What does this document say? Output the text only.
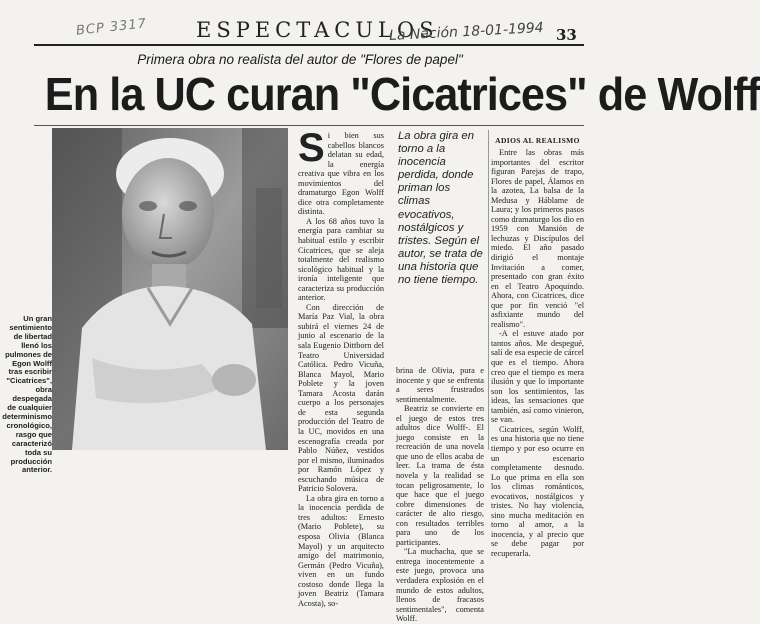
BCP 3317 ESPECTACULOS
La Nación 18-01-1994 33
Primera obra no realista del autor de "Flores de papel"
En la UC curan "Cicatrices" de Wolff
Un gran sentimiento de libertad llenó los pulmones de Egon Wolff tras escribir "Cicatrices", obra despegada de cualquier determinismo cronológico, rasgo que caracterizó toda su producción anterior.
S i bien sus cabellos blancos delatan su edad, la energía creativa que vibra en los movimientos del dramaturgo Egon Wolff dice otra completamente distinta.

A los 68 años tuvo la energía para cambiar su habitual estilo y escribir Cicatrices, que se aleja totalmente del realismo sicológico habitual y la ironía inteligente que caracteriza su producción anterior.

Con dirección de María Paz Vial, la obra subirá el viernes 24 de junio al escenario de la sala Eugenio Dittborn del Teatro Universidad Católica. Pedro Vicuña, Blanca Mayol, Mario Poblete y la joven Tamara Acosta darán cuerpo a los personajes de esta segunda producción del Teatro de la UC, movidos en una escenografía creada por Pablo Núñez, vestidos por el mismo, iluminados por Ramón López y escuchando música de Patricio Solovera.

La obra gira en torno a la inocencia perdida de tres adultos: Ernesto (Mario Poblete), su esposa Olivia (Blanca Mayol) y un arquitecto amigo del matrimonio, Germán (Pedro Vicuña), viven en un fundo costoso donde llega la joven Beatriz (Tamara Acosta), so-

La obra gira en torno a la inocencia perdida, donde priman los climas evocativos, nostálgicos y tristes. Según el autor, se trata de una historia que no tiene tiempo.

brina de Olivia, pura e inocente y que se enfrenta a seres frustrados sentimentalmente.

Beatriz se convierte en el juego de estos tres adultos dice Wolff-. El juego consiste en la recreación de una novela que uno de ellos acaba de leer. La trama de ésta novela y la realidad se tocan peligrosamente, lo que hace que el juego cobre dimensiones de carácter de alto riesgo, con resultados terribles para uno de los participantes.

"La muchacha, que se entrega inocentemente a este juego, provoca una verdadera explosión en el mundo de estos adultos, llenos de fracasos sentimentales", comenta Wolff.

ADIOS AL REALISMO

Entre las obras más importantes del escritor figuran Parejas de trapo, Flores de papel, Álamos en la azotea, La balsa de la Medusa y Háblame de Laura; y los primeros pasos como dramaturgo los dio en 1959 con Mansión de lechuzas y Discípulos del miedo. El año pasado dirigió el montaje Invitación a comer, presentado con gran éxito en el Teatro Apoquindo. Ahora, con Cicatrices, dice que por fin venció "el asfixiante mundo del realismo".

-A el estuve atado por tantos años. Me despegué, salí de esa especie de cárcel que es el tiempo. Ahora creo que el tiempo es mera ilusión y que lo importante son los sentimientos, las ideas, las sensaciones que también, así como vinieron, se van.

Cicatrices, según Wolff, es una historia que no tiene tiempo y por eso ocurre en un escenario completamente desnudo. Lo que prima en ella son los climas románticos, evocativos, nostálgicos y tristes. No hay violencia, sino mucha meditación en torno al amor, a la inocencia, y al precio que se debe pagar por recuperarla.
